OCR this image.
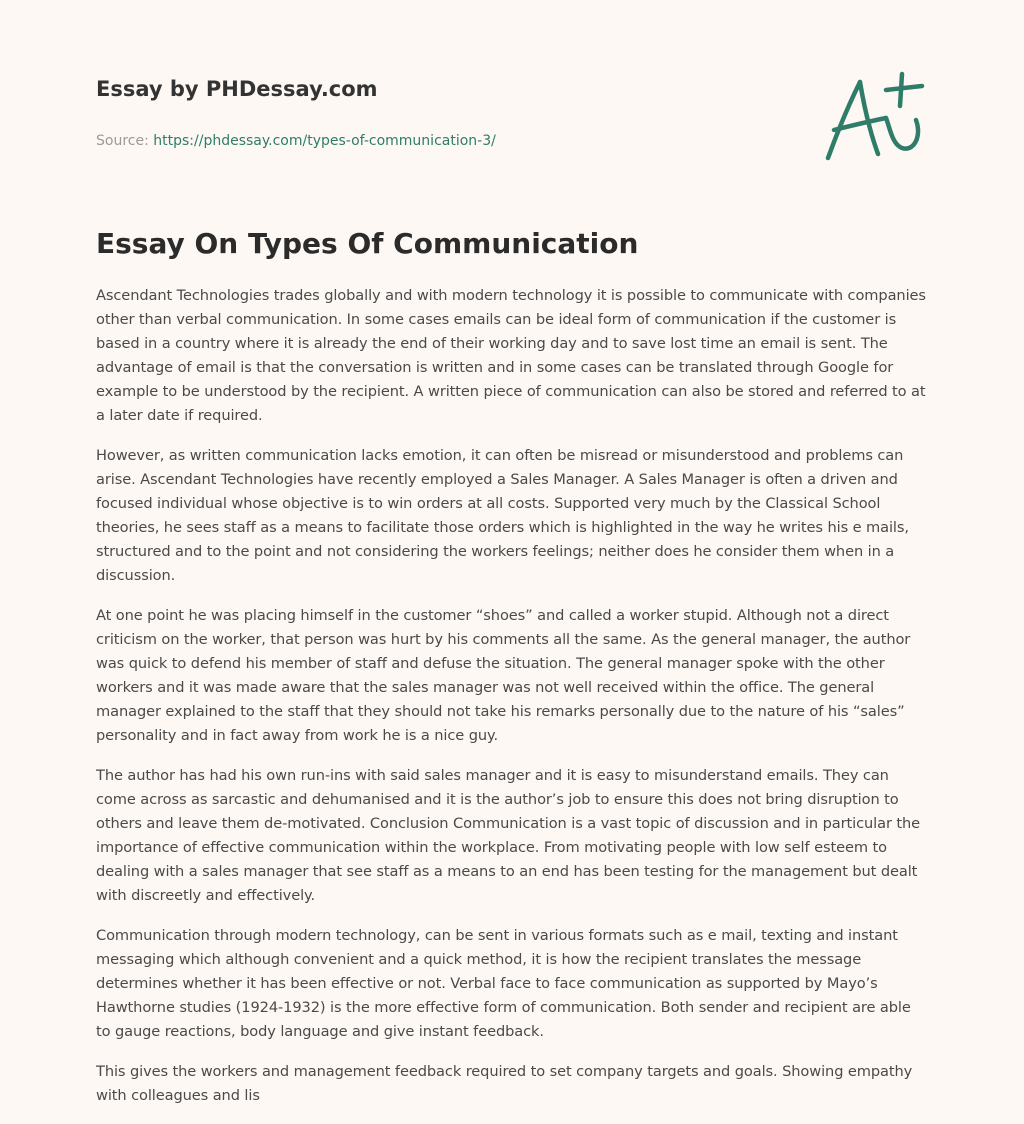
Essay by PHDessay.com
Source: https://phdessay.com/types-of-communication-3/
Essay On Types Of Communication

Ascendant Technologies trades globally and with modern technology it is possible to communicate with companies other than verbal communication. In some cases emails can be ideal form of communication if the customer is based in a country where it is already the end of their working day and to save lost time an email is sent. The advantage of email is that the conversation is written and in some cases can be translated through Google for example to be understood by the recipient. A written piece of communication can also be stored and referred to at a later date if required.

However, as written communication lacks emotion, it can often be misread or misunderstood and problems can arise. Ascendant Technologies have recently employed a Sales Manager. A Sales Manager is often a driven and focused individual whose objective is to win orders at all costs. Supported very much by the Classical School theories, he sees staff as a means to facilitate those orders which is highlighted in the way he writes his e mails, structured and to the point and not considering the workers feelings; neither does he consider them when in a discussion.

At one point he was placing himself in the customer “shoes” and called a worker stupid. Although not a direct criticism on the worker, that person was hurt by his comments all the same. As the general manager, the author was quick to defend his member of staff and defuse the situation. The general manager spoke with the other workers and it was made aware that the sales manager was not well received within the office. The general manager explained to the staff that they should not take his remarks personally due to the nature of his “sales” personality and in fact away from work he is a nice guy.

The author has had his own run-ins with said sales manager and it is easy to misunderstand emails. They can come across as sarcastic and dehumanised and it is the author’s job to ensure this does not bring disruption to others and leave them de-motivated. Conclusion Communication is a vast topic of discussion and in particular the importance of effective communication within the workplace. From motivating people with low self esteem to dealing with a sales manager that see staff as a means to an end has been testing for the management but dealt with discreetly and effectively.

Communication through modern technology, can be sent in various formats such as e mail, texting and instant messaging which although convenient and a quick method, it is how the recipient translates the message determines whether it has been effective or not. Verbal face to face communication as supported by Mayo’s Hawthorne studies (1924-1932) is the more effective form of communication. Both sender and recipient are able to gauge reactions, body language and give instant feedback.

This gives the workers and management feedback required to set company targets and goals. Showing empathy with colleagues and lis
